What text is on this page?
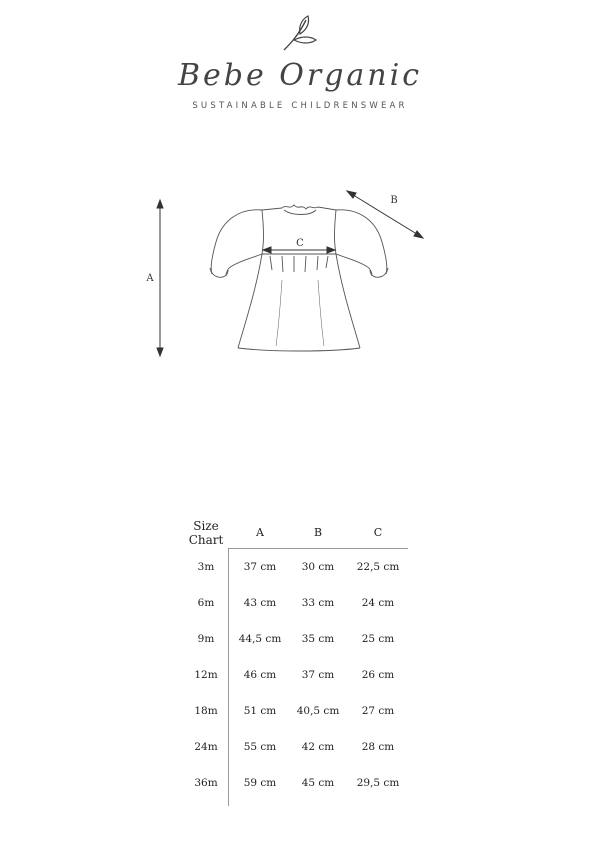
Bebe Organic
SUSTAINABLE CHILDRENSWEAR
A
B
C
Size
Chart
A	B	C
3m	37 cm	30 cm	22,5 cm
6m	43 cm	33 cm	24 cm
9m	44,5 cm	35 cm	25 cm
12m	46 cm	37 cm	26 cm
18m	51 cm	40,5 cm	27 cm
24m	55 cm	42 cm	28 cm
36m	59 cm	45 cm	29,5 cm
